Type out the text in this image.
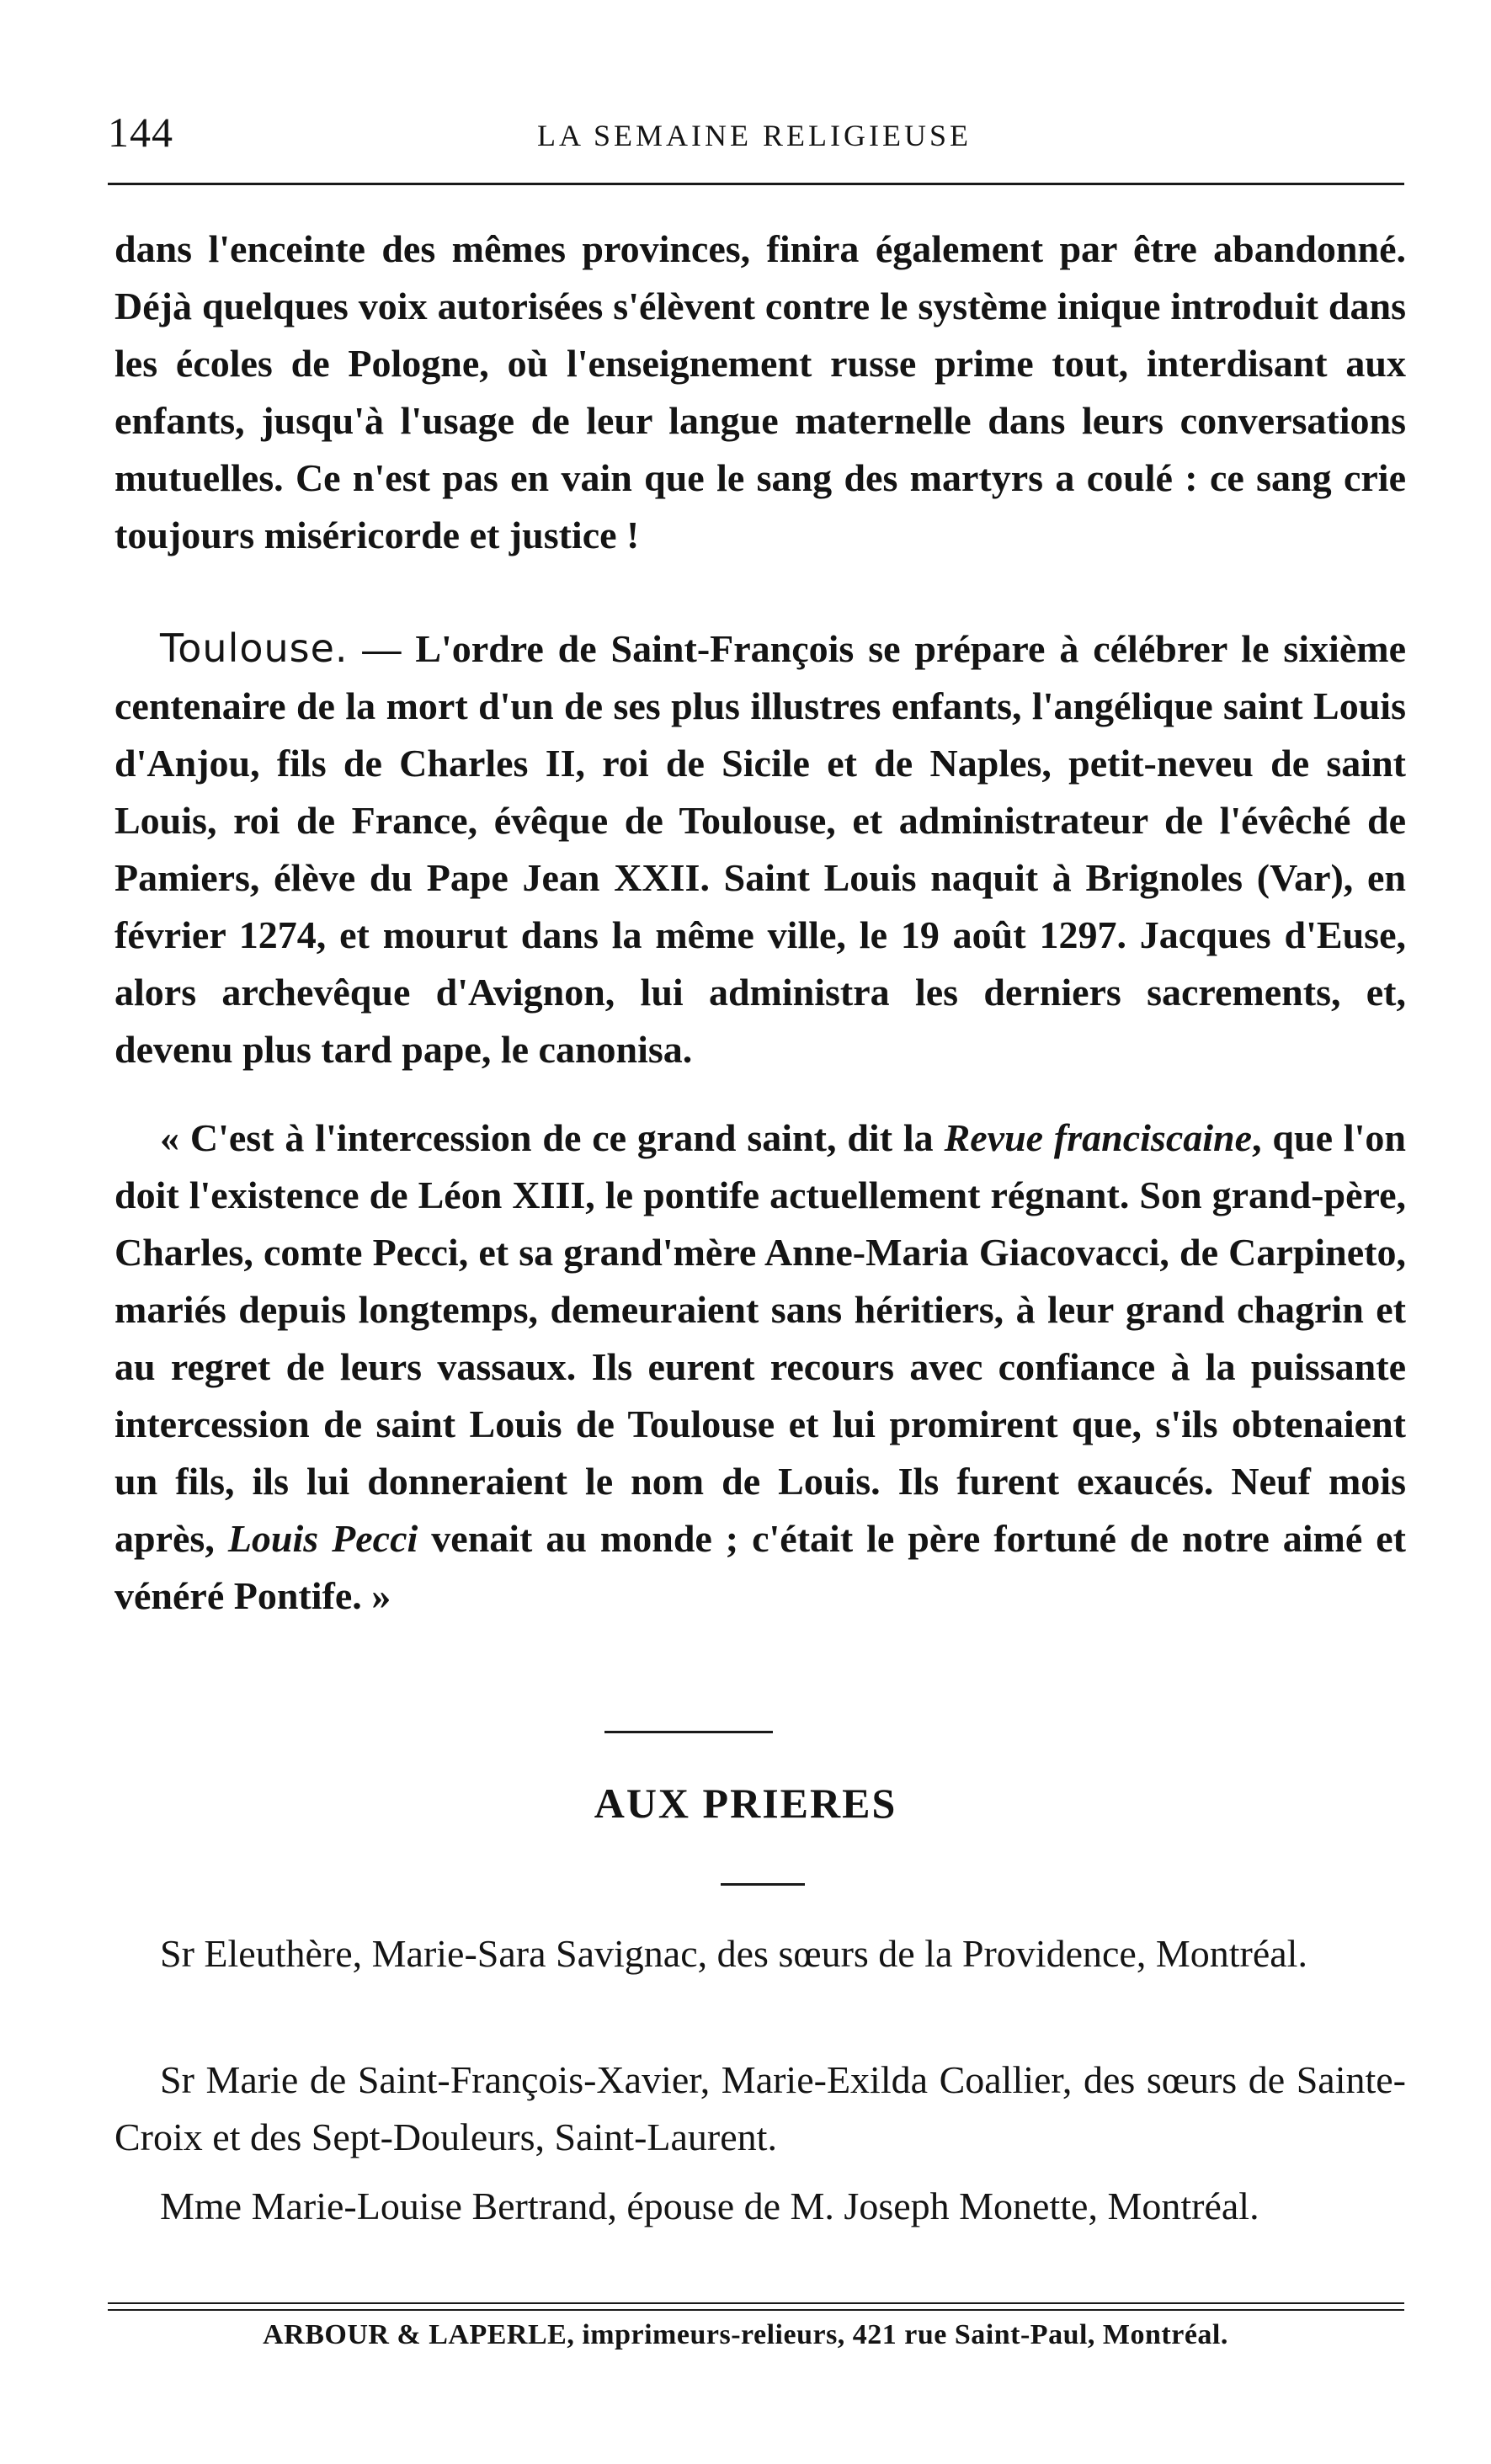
144	LA SEMAINE RELIGIEUSE

dans l'enceinte des mêmes provinces, finira également par être abandonné. Déjà quelques voix autorisées s'élèvent contre le système inique introduit dans les écoles de Pologne, où l'enseignement russe prime tout, interdisant aux enfants, jusqu'à l'usage de leur langue maternelle dans leurs conversations mutuelles. Ce n'est pas en vain que le sang des martyrs a coulé : ce sang crie toujours miséricorde et justice !

Toulouse. — L'ordre de Saint-François se prépare à célébrer le sixième centenaire de la mort d'un de ses plus illustres enfants, l'angélique saint Louis d'Anjou, fils de Charles II, roi de Sicile et de Naples, petit-neveu de saint Louis, roi de France, évêque de Toulouse, et administrateur de l'évêché de Pamiers, élève du Pape Jean XXII. Saint Louis naquit à Brignoles (Var), en février 1274, et mourut dans la même ville, le 19 août 1297. Jacques d'Euse, alors archevêque d'Avignon, lui administra les derniers sacrements, et, devenu plus tard pape, le canonisa.

« C'est à l'intercession de ce grand saint, dit la Revue franciscaine, que l'on doit l'existence de Léon XIII, le pontife actuellement régnant. Son grand-père, Charles, comte Pecci, et sa grand'mère Anne-Maria Giacovacci, de Carpineto, mariés depuis longtemps, demeuraient sans héritiers, à leur grand chagrin et au regret de leurs vassaux. Ils eurent recours avec confiance à la puissante intercession de saint Louis de Toulouse et lui promirent que, s'ils obtenaient un fils, ils lui donneraient le nom de Louis. Ils furent exaucés. Neuf mois après, Louis Pecci venait au monde ; c'était le père fortuné de notre aimé et vénéré Pontife. »

AUX PRIERES

Sr Eleuthère, Marie-Sara Savignac, des sœurs de la Providence, Montréal.

Sr Marie de Saint-François-Xavier, Marie-Exilda Coallier, des sœurs de Sainte-Croix et des Sept-Douleurs, Saint-Laurent.

Mme Marie-Louise Bertrand, épouse de M. Joseph Monette, Montréal.

ARBOUR & LAPERLE, imprimeurs-relieurs, 421 rue Saint-Paul, Montréal.
